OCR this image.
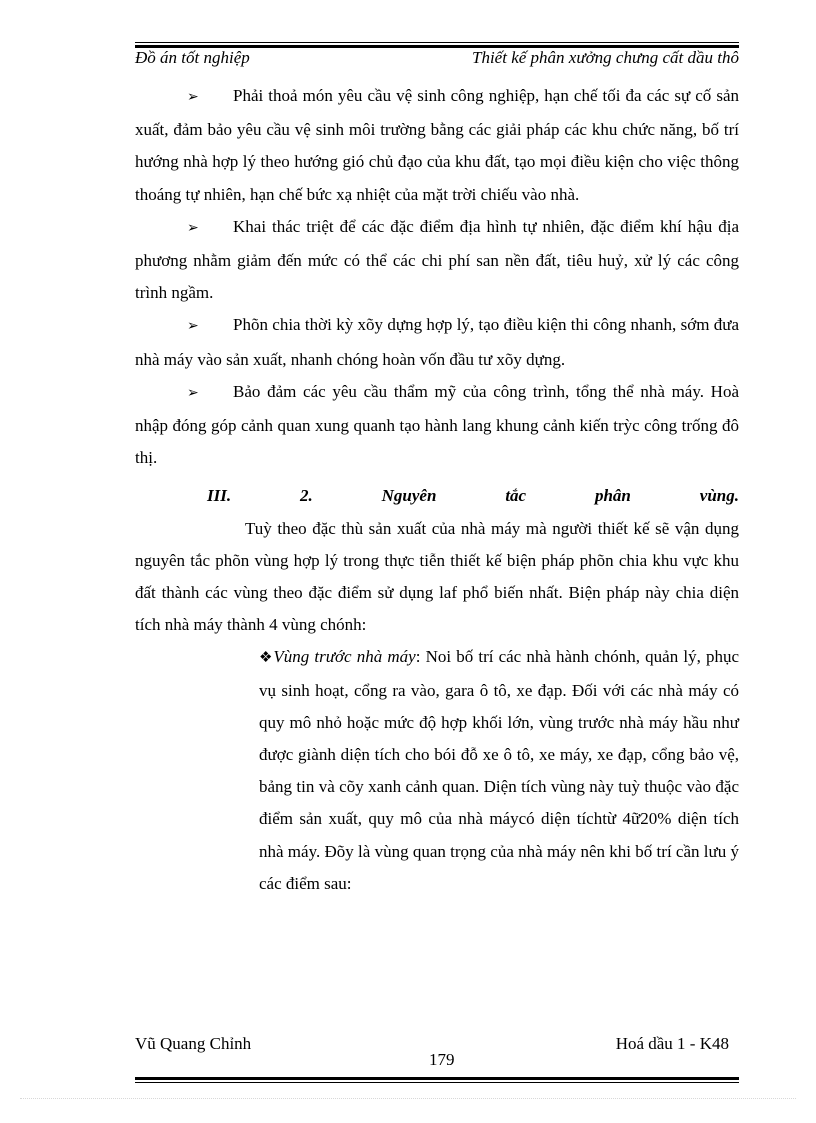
Đồ án tốt nghiệp	Thiết kế phân xưởng chưng cất dầu thô

➢ Phải thoả món yêu cầu vệ sinh công nghiệp, hạn chế tối đa các sự cố sản xuất, đảm bảo yêu cầu vệ sinh môi trường bằng các giải pháp các khu chức năng, bố trí hướng nhà hợp lý theo hướng gió chủ đạo của khu đất, tạo mọi điều kiện cho việc thông thoáng tự nhiên, hạn chế bức xạ nhiệt của mặt trời chiếu vào nhà.

➢ Khai thác triệt để các đặc điểm địa hình tự nhiên, đặc điểm khí hậu địa phương nhằm giảm đến mức có thể các chi phí san nền đất, tiêu huỷ, xử lý các công trình ngầm.

➢ Phõn chia thời kỳ xõy dựng hợp lý, tạo điều kiện thi công nhanh, sớm đưa nhà máy vào sản xuất, nhanh chóng hoàn vốn đầu tư xõy dựng.

➢ Bảo đảm các yêu cầu thẩm mỹ của công trình, tổng thể nhà máy. Hoà nhập đóng góp cảnh quan xung quanh tạo hành lang khung cảnh kiến trỳc công trống đô thị.

III. 2. Nguyên tắc phân vùng.

Tuỳ theo đặc thù sản xuất của nhà máy mà người thiết kế sẽ vận dụng nguyên tắc phõn vùng hợp lý trong thực tiễn thiết kế biện pháp phõn chia khu vực khu đất thành các vùng theo đặc điểm sử dụng laf phổ biến nhất. Biện pháp này chia diện tích nhà máy thành 4 vùng chónh:

❖Vùng trước nhà máy: Noi bố trí các nhà hành chónh, quản lý, phục vụ sinh hoạt, cổng ra vào, gara ô tô, xe đạp. Đối với các nhà máy có quy mô nhỏ hoặc mức độ hợp khối lớn, vùng trước nhà máy hầu như được giành diện tích cho bói đỗ xe ô tô, xe máy, xe đạp, cổng bảo vệ, bảng tin và cõy xanh cảnh quan. Diện tích vùng này tuỳ thuộc vào đặc điểm sản xuất, quy mô của nhà máycó diện tíchtừ 4ữ20% diện tích nhà máy. Đõy là vùng quan trọng của nhà máy nên khi bố trí cần lưu ý các điểm sau:

Vũ Quang Chỉnh	Hoá dầu 1 - K48
179
